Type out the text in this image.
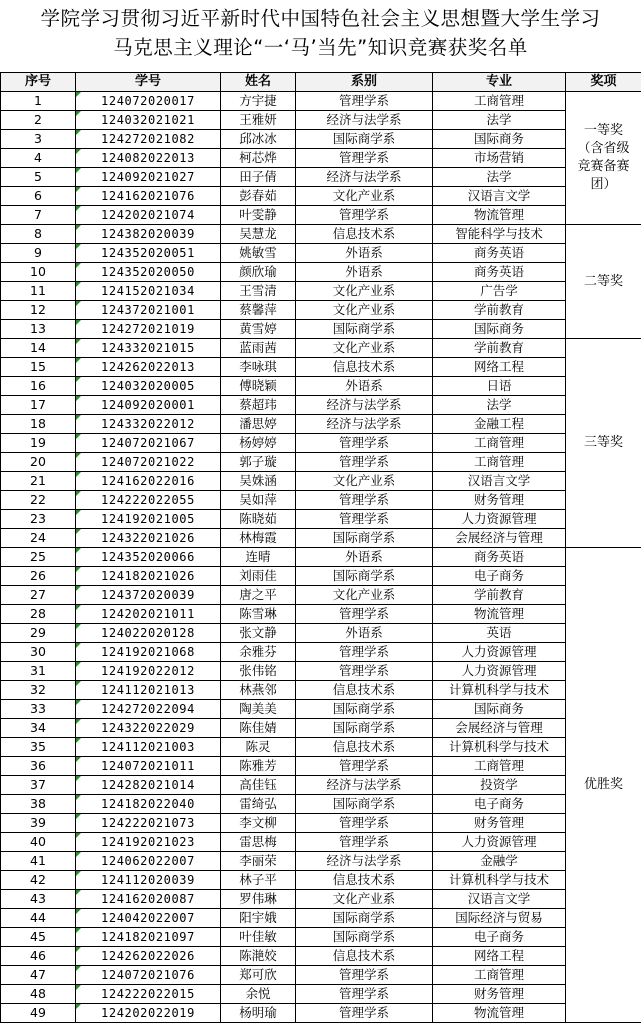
学院学习贯彻习近平新时代中国特色社会主义思想暨大学生学习
马克思主义理论“一‘马’当先”知识竞赛获奖名单
序号	学号	姓名	系别	专业	奖项
1	124072020017	方宇捷	管理学系	工商管理	一等奖（含省级竞赛备赛团）
2	124032021021	王雅妍	经济与法学系	法学	
3	124272021082	邱冰冰	国际商学系	国际商务	
4	124082022013	柯芯烨	管理学系	市场营销	
5	124092021027	田子倩	经济与法学系	法学	
6	124162021076	彭春茹	文化产业系	汉语言文学	
7	124202021074	叶雯静	管理学系	物流管理	
8	124382020039	吴慧龙	信息技术系	智能科学与技术	二等奖
9	124352020051	姚敏雪	外语系	商务英语	
10	124352020050	颜欣瑜	外语系	商务英语	
11	124152021034	王雪清	文化产业系	广告学	
12	124372021001	蔡馨萍	文化产业系	学前教育	
13	124272021019	黄雪婷	国际商学系	国际商务	
14	124332021015	蓝雨茜	文化产业系	学前教育	三等奖
15	124262022013	李咏琪	信息技术系	网络工程	
16	124032020005	傅晓颖	外语系	日语	
17	124092020001	蔡超玮	经济与法学系	法学	
18	124332022012	潘思婷	经济与法学系	金融工程	
19	124072021067	杨婷婷	管理学系	工商管理	
20	124072021022	郭子璇	管理学系	工商管理	
21	124162022016	吴姝涵	文化产业系	汉语言文学	
22	124222022055	吴如萍	管理学系	财务管理	
23	124192021005	陈晓茹	管理学系	人力资源管理	
24	124322021026	林梅霞	国际商学系	会展经济与管理	
25	124352020066	连晴	外语系	商务英语	优胜奖
26	124182021026	刘雨佳	国际商学系	电子商务	
27	124372020039	唐之平	文化产业系	学前教育	
28	124202021011	陈雪琳	管理学系	物流管理	
29	124022020128	张文静	外语系	英语	
30	124192021068	余雅芬	管理学系	人力资源管理	
31	124192022012	张伟铭	管理学系	人力资源管理	
32	124112021013	林燕邻	信息技术系	计算机科学与技术	
33	124272022094	陶美美	国际商学系	国际商务	
34	124322022029	陈佳婧	国际商学系	会展经济与管理	
35	124112021003	陈灵	信息技术系	计算机科学与技术	
36	124072021011	陈雅芳	管理学系	工商管理	
37	124282021014	高佳钰	经济与法学系	投资学	
38	124182022040	雷绮弘	国际商学系	电子商务	
39	124222021073	李文柳	管理学系	财务管理	
40	124192021023	雷思梅	管理学系	人力资源管理	
41	124062022007	李丽荣	经济与法学系	金融学	
42	124112020039	林子平	信息技术系	计算机科学与技术	
43	124162020087	罗伟琳	文化产业系	汉语言文学	
44	124042022007	阳宇娥	国际商学系	国际经济与贸易	
45	124182021097	叶佳敏	国际商学系	电子商务	
46	124262022026	陈滟姣	信息技术系	网络工程	
47	124072021076	郑可欣	管理学系	工商管理	
48	124222022015	余悦	管理学系	财务管理	
49	124202022019	杨明瑜	管理学系	物流管理	
